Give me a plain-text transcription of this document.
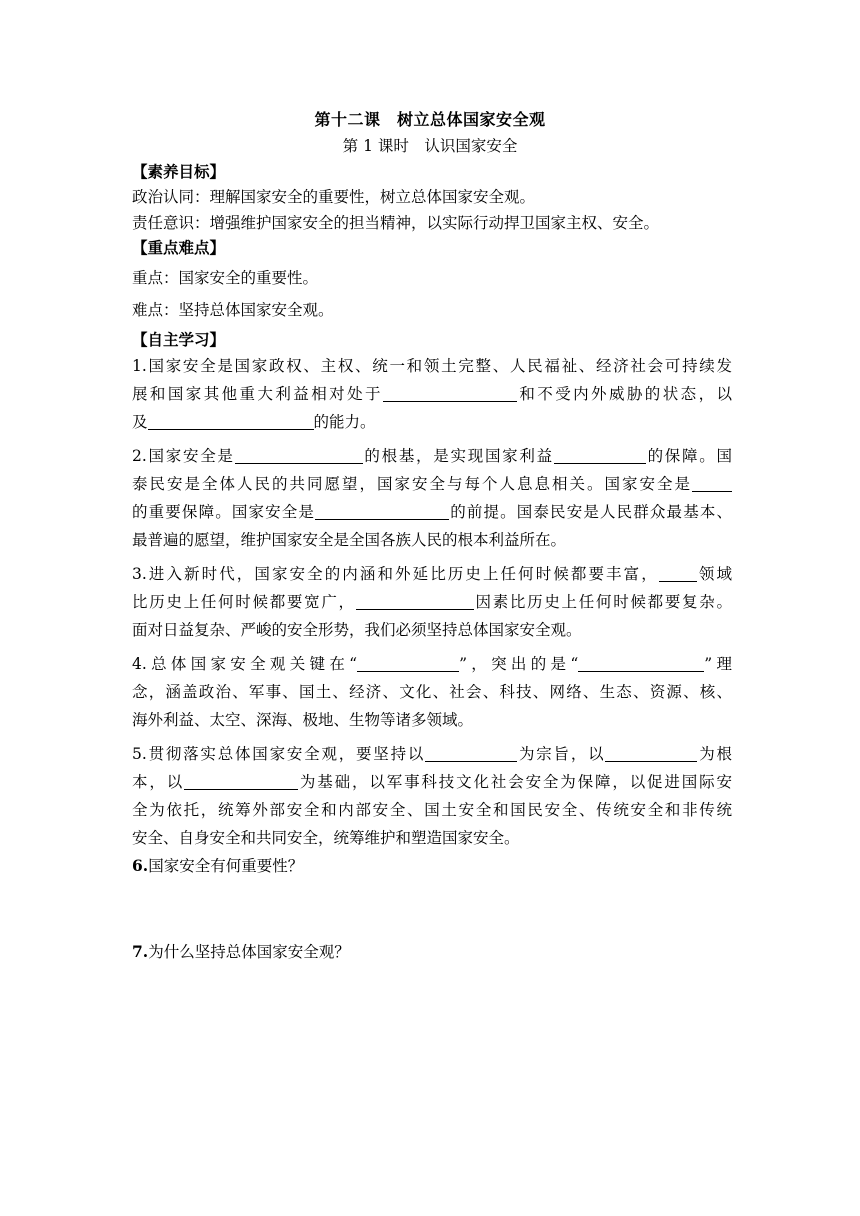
第十二课　树立总体国家安全观
第 1 课时　认识国家安全
【素养目标】
政治认同：理解国家安全的重要性，树立总体国家安全观。
责任意识：增强维护国家安全的担当精神，以实际行动捍卫国家主权、安全。
【重点难点】
重点：国家安全的重要性。
难点：坚持总体国家安全观。
【自主学习】
1.国家安全是国家政权、主权、统一和领土完整、人民福祉、经济社会可持续发
展和国家其他重大利益相对处于	和不受内外威胁的状态，以
及	的能力。
2.国家安全是	的根基，是实现国家利益	的保障。国
泰民安是全体人民的共同愿望，国家安全与每个人息息相关。国家安全是
的重要保障。国家安全是	的前提。国泰民安是人民群众最基本、
最普遍的愿望，维护国家安全是全国各族人民的根本利益所在。
3.进入新时代，国家安全的内涵和外延比历史上任何时候都要丰富， 领域
比历史上任何时候都要宽广，	因素比历史上任何时候都要复杂。
面对日益复杂、严峻的安全形势，我们必须坚持总体国家安全观。
4.总体国家安全观关键在“	”，突出的是“	”理
念，涵盖政治、军事、国土、经济、文化、社会、科技、网络、生态、资源、核、
海外利益、太空、深海、极地、生物等诸多领域。
5.贯彻落实总体国家安全观，要坚持以	为宗旨，以	为根
本，以	为基础，以军事科技文化社会安全为保障，以促进国际安
全为依托，统筹外部安全和内部安全、国土安全和国民安全、传统安全和非传统
安全、自身安全和共同安全，统筹维护和塑造国家安全。
6.国家安全有何重要性？
7.为什么坚持总体国家安全观？
